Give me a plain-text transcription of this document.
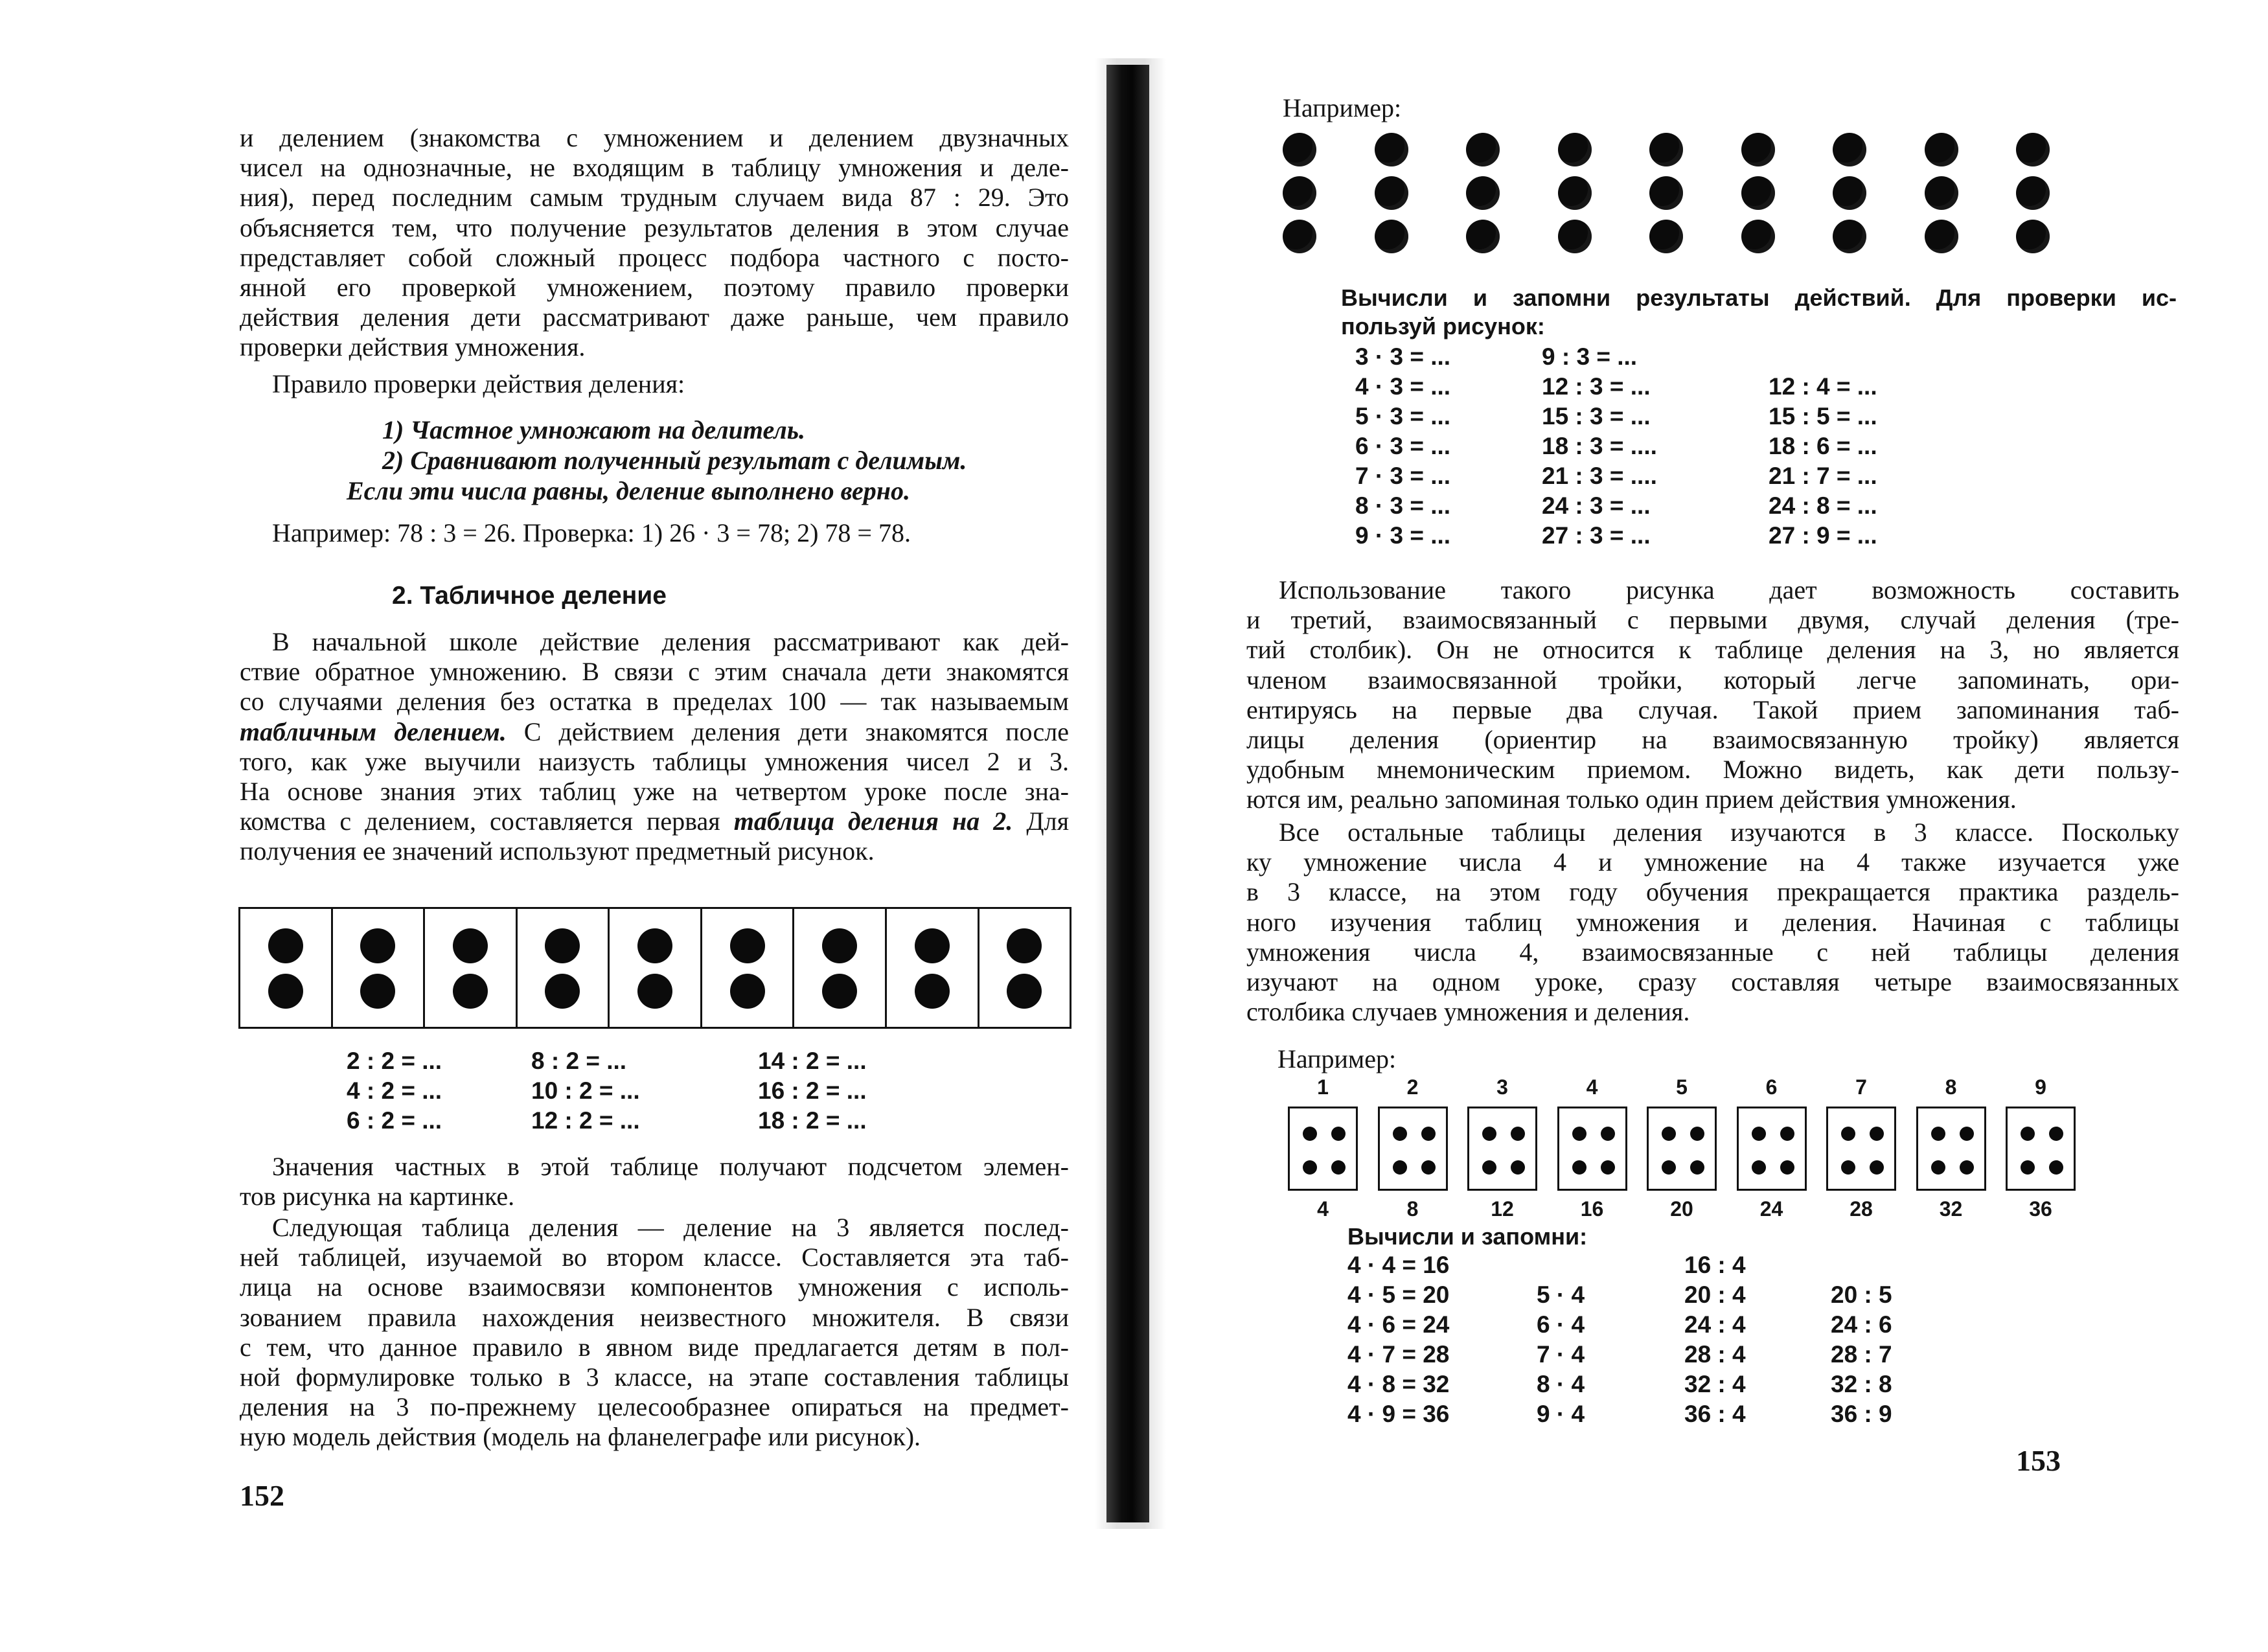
и делением (знакомства с умножением и делением двузначных
чисел на однозначные, не входящим в таблицу умножения и деле-
ния), перед последним самым трудным случаем вида 87 : 29. Это
объясняется тем, что получение результатов деления в этом случае
представляет собой сложный процесс подбора частного с посто-
янной его проверкой умножением, поэтому правило проверки
действия деления дети рассматривают даже раньше, чем правило
проверки действия умножения.

Правило проверки действия деления:

1) Частное умножают на делитель.

2) Сравнивают полученный результат с делимым.

Если эти числа равны, деление выполнено верно.

Например: 78 : 3 = 26. Проверка: 1) 26 · 3 = 78; 2) 78 = 78.

2. Табличное деление

В начальной школе действие деления рассматривают как дей-
ствие обратное умножению. В связи с этим сначала дети знакомятся
со случаями деления без остатка в пределах 100 — так называемым
табличным делением. С действием деления дети знакомятся после
того, как уже выучили наизусть таблицы умножения чисел 2 и 3.
На основе знания этих таблиц уже на четвертом уроке после зна-
комства с делением, составляется первая таблица деления на 2. Для
получения ее значений используют предметный рисунок.
2 : 2 = ...
4 : 2 = ...
6 : 2 = ...
8 : 2 = ...
10 : 2 = ...
12 : 2 = ...
14 : 2 = ...
16 : 2 = ...
18 : 2 = ...
Значения частных в этой таблице получают подсчетом элемен-
тов рисунка на картинке.
Следующая таблица деления — деление на 3 является послед-
ней таблицей, изучаемой во втором классе. Составляется эта таб-
лица на основе взаимосвязи компонентов умножения с исполь-
зованием правила нахождения неизвестного множителя. В связи
с тем, что данное правило в явном виде предлагается детям в пол-
ной формулировке только в 3 классе, на этапе составления таблицы
деления на 3 по-прежнему целесообразнее опираться на предмет-
ную модель действия (модель на фланелеграфе или рисунок).

152

Например:

Вычисли и запомни результаты действий. Для проверки ис-
пользуй рисунок:
3 · 3 = ...
4 · 3 = ...
5 · 3 = ...
6 · 3 = ...
7 · 3 = ...
8 · 3 = ...
9 · 3 = ...
9 : 3 = ...
12 : 3 = ...
15 : 3 = ...
18 : 3 = ....
21 : 3 = ....
24 : 3 = ...
27 : 3 = ...
12 : 4 = ...
15 : 5 = ...
18 : 6 = ...
21 : 7 = ...
24 : 8 = ...
27 : 9 = ...
Использование такого рисунка дает возможность составить
и третий, взаимосвязанный с первыми двумя, случай деления (тре-
тий столбик). Он не относится к таблице деления на 3, но является
членом взаимосвязанной тройки, который легче запоминать, ори-
ентируясь на первые два случая. Такой прием запоминания таб-
лицы деления (ориентир на взаимосвязанную тройку) является
удобным мнемоническим приемом. Можно видеть, как дети пользу-
ются им, реально запоминая только один прием действия умножения.
Все остальные таблицы деления изучаются в 3 классе. Поскольку
ку умножение числа 4 и умножение на 4 также изучается уже
в 3 классе, на этом году обучения прекращается практика раздель-
ного изучения таблиц умножения и деления. Начиная с таблицы
умножения числа 4, взаимосвязанные с ней таблицы деления
изучают на одном уроке, сразу составляя четыре взаимосвязанных
столбика случаев умножения и деления.

Например:

1
4
2
8
3
12
4
16
5
20
6
24
7
28
8
32
9
36

Вычисли и запомни:

4 · 4 = 16
4 · 5 = 20
4 · 6 = 24
4 · 7 = 28
4 · 8 = 32
4 · 9 = 36
5 · 4
6 · 4
7 · 4
8 · 4
9 · 4
16 : 4
20 : 4
24 : 4
28 : 4
32 : 4
36 : 4
20 : 5
24 : 6
28 : 7
32 : 8
36 : 9

153
